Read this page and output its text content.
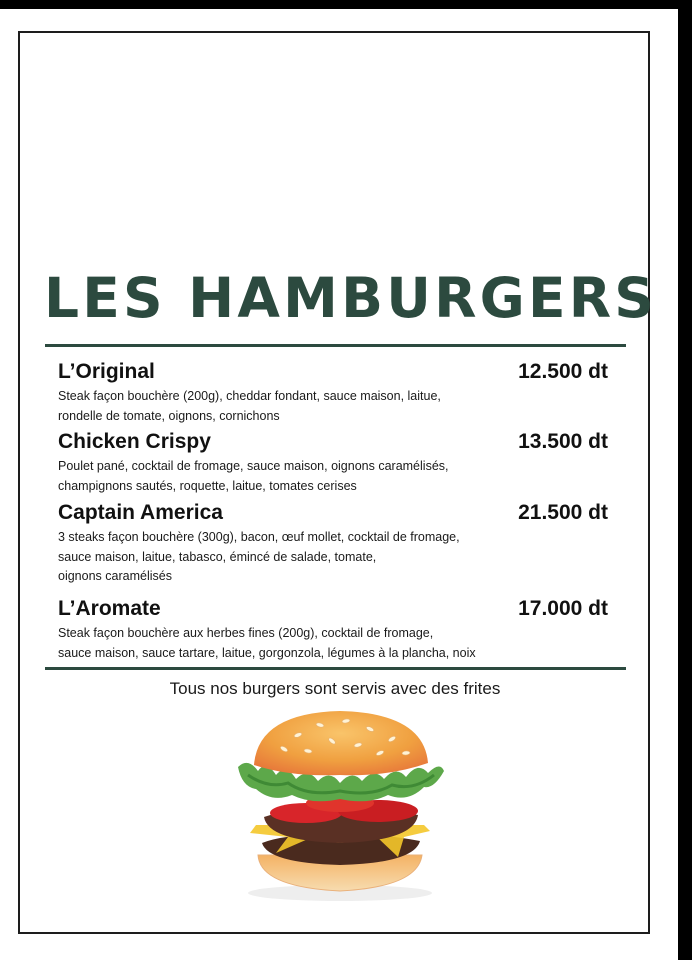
LES HAMBURGERS
L’Original	12.500 dt
Steak façon bouchère (200g), cheddar fondant, sauce maison, laitue,
rondelle de tomate, oignons, cornichons
Chicken Crispy	13.500 dt
Poulet pané, cocktail de fromage, sauce maison, oignons caramélisés,
champignons sautés, roquette, laitue, tomates cerises
Captain America	21.500 dt
3 steaks façon bouchère (300g), bacon, œuf mollet, cocktail de fromage,
sauce maison, laitue, tabasco, émincé de salade, tomate,
oignons caramélisés
L’Aromate	17.000 dt
Steak façon bouchère aux herbes fines (200g), cocktail de fromage,
sauce maison, sauce tartare, laitue, gorgonzola, légumes à la plancha, noix
Tous nos burgers sont servis avec des frites
